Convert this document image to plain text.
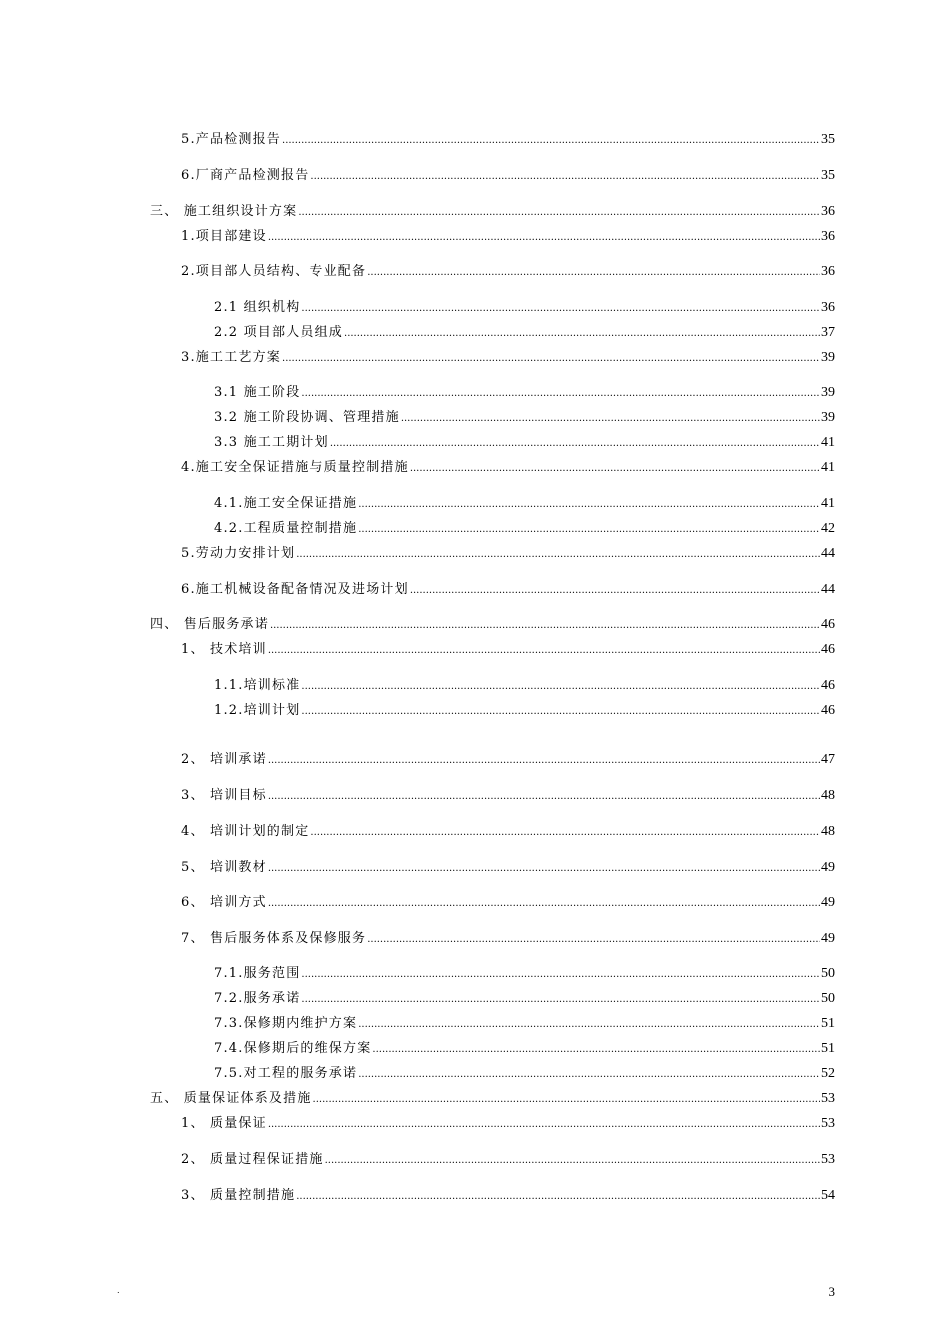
5.产品检测报告 .....	35
6.厂商产品检测报告 .....	35
三、 施工组织设计方案 .....	36
1.项目部建设 .....	36
2.项目部人员结构、专业配备 .....	36
2.1 组织机构 .....	36
2.2 项目部人员组成 .....	37
3.施工工艺方案 .....	39
3.1 施工阶段 .....	39
3.2 施工阶段协调、管理措施 .....	39
3.3 施工工期计划 .....	41
4.施工安全保证措施与质量控制措施 .....	41
4.1.施工安全保证措施 .....	41
4.2.工程质量控制措施 .....	42
5.劳动力安排计划 .....	44
6.施工机械设备配备情况及进场计划 .....	44
四、 售后服务承诺 .....	46
1、 技术培训 .....	46
1.1.培训标准 .....	46
1.2.培训计划 .....	46
2、 培训承诺 .....	47
3、 培训目标 .....	48
4、 培训计划的制定 .....	48
5、 培训教材 .....	49
6、 培训方式 .....	49
7、 售后服务体系及保修服务 .....	49
7.1.服务范围 .....	50
7.2.服务承诺 .....	50
7.3.保修期内维护方案 .....	51
7.4.保修期后的维保方案 .....	51
7.5.对工程的服务承诺 .....	52
五、 质量保证体系及措施 .....	53
1、 质量保证 .....	53
2、 质量过程保证措施 .....	53
3、 质量控制措施 .....	54
.	3
